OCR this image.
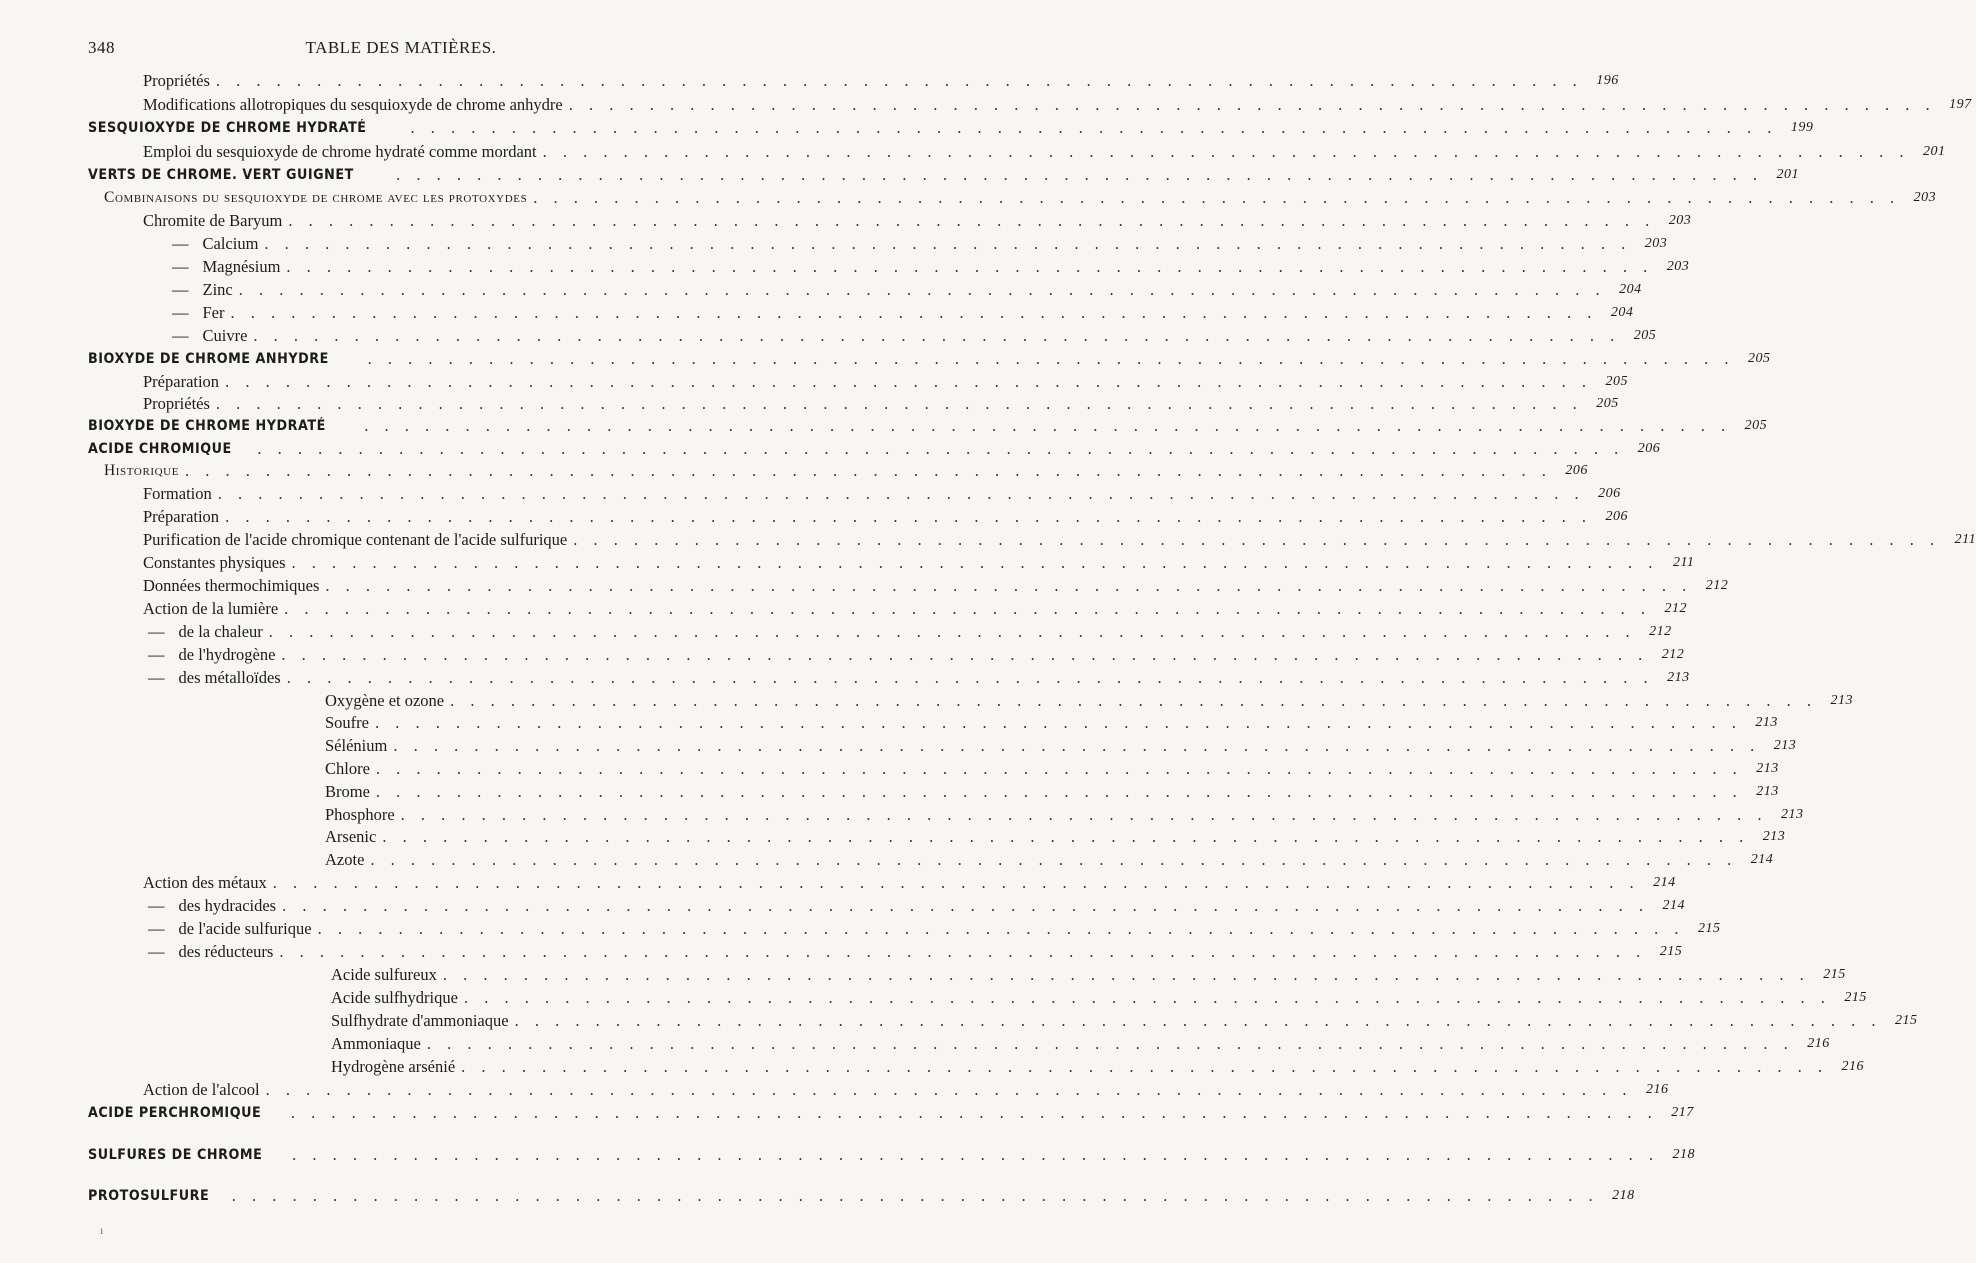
348	TABLE DES MATIÈRES.
Propriétés . . . . . . . . . . . . . . . . . . . . . . . . . . . . . . . . . . . . . . . . . . . . . . . . . . . . . . . . . . . . . . . . . . . . 196
Modifications allotropiques du sesquioxyde de chrome anhydre . . . . . . . . . . . . . . . . . . . . . . . . . . . . . . . . . . . . . . . . . . . . . . . . . . . . . . . . . . . . . . . . . . . . 197
SESQUIOXYDE DE CHROME HYDRATÉ	. . . . . . . . . . . . . . . . . . . . . . . . . . . . . . . . . . . . . . . . . . . . . . . . . . . . . . . . . . . . . . . . . . . . 199
Emploi du sesquioxyde de chrome hydraté comme mordant . . . . . . . . . . . . . . . . . . . . . . . . . . . . . . . . . . . . . . . . . . . . . . . . . . . . . . . . . . . . . . . . . . . . 201
VERTS DE CHROME. VERT GUIGNET	. . . . . . . . . . . . . . . . . . . . . . . . . . . . . . . . . . . . . . . . . . . . . . . . . . . . . . . . . . . . . . . . . . . . 201
Combinaisons du sesquioxyde de chrome avec les protoxydes . . . . . . . . . . . . . . . . . . . . . . . . . . . . . . . . . . . . . . . . . . . . . . . . . . . . . . . . . . . . . . . . . . . . 203
Chromite de Baryum . . . . . . . . . . . . . . . . . . . . . . . . . . . . . . . . . . . . . . . . . . . . . . . . . . . . . . . . . . . . . . . . . . . . 203
— Calcium . . . . . . . . . . . . . . . . . . . . . . . . . . . . . . . . . . . . . . . . . . . . . . . . . . . . . . . . . . . . . . . . . . . . 203
— Magnésium . . . . . . . . . . . . . . . . . . . . . . . . . . . . . . . . . . . . . . . . . . . . . . . . . . . . . . . . . . . . . . . . . . . . 203
— Zinc . . . . . . . . . . . . . . . . . . . . . . . . . . . . . . . . . . . . . . . . . . . . . . . . . . . . . . . . . . . . . . . . . . . . 204
— Fer . . . . . . . . . . . . . . . . . . . . . . . . . . . . . . . . . . . . . . . . . . . . . . . . . . . . . . . . . . . . . . . . . . . . 204
— Cuivre . . . . . . . . . . . . . . . . . . . . . . . . . . . . . . . . . . . . . . . . . . . . . . . . . . . . . . . . . . . . . . . . . . . . 205
BIOXYDE DE CHROME ANHYDRE . . . . . . . . . . . . . . . . . . . . . . . . . . . . . . . . . . . . . . . . . . . . . . . . . . . . . . . . . . . . . . . . . . . . 205
Préparation . . . . . . . . . . . . . . . . . . . . . . . . . . . . . . . . . . . . . . . . . . . . . . . . . . . . . . . . . . . . . . . . . . . . 205
Propriétés . . . . . . . . . . . . . . . . . . . . . . . . . . . . . . . . . . . . . . . . . . . . . . . . . . . . . . . . . . . . . . . . . . . . 205
BIOXYDE DE CHROME HYDRATÉ . . . . . . . . . . . . . . . . . . . . . . . . . . . . . . . . . . . . . . . . . . . . . . . . . . . . . . . . . . . . . . . . . . . . 205
ACIDE CHROMIQUE . . . . . . . . . . . . . . . . . . . . . . . . . . . . . . . . . . . . . . . . . . . . . . . . . . . . . . . . . . . . . . . . . . . . 206
Historique . . . . . . . . . . . . . . . . . . . . . . . . . . . . . . . . . . . . . . . . . . . . . . . . . . . . . . . . . . . . . . . . . . . . 206
Formation . . . . . . . . . . . . . . . . . . . . . . . . . . . . . . . . . . . . . . . . . . . . . . . . . . . . . . . . . . . . . . . . . . . . 206
Préparation . . . . . . . . . . . . . . . . . . . . . . . . . . . . . . . . . . . . . . . . . . . . . . . . . . . . . . . . . . . . . . . . . . . . 206
Purification de l'acide chromique contenant de l'acide sulfurique . . . . . . . . . . . . . . . . . . . . . . . . . . . . . . . . . . . . . . . . . . . . . . . . . . . . . . . . . . . . . . . . . . . .	211
Constantes physiques . . . . . . . . . . . . . . . . . . . . . . . . . . . . . . . . . . . . . . . . . . . . . . . . . . . . . . . . . . . . . . . . . . . .	211
Données thermochimiques . . . . . . . . . . . . . . . . . . . . . . . . . . . . . . . . . . . . . . . . . . . . . . . . . . . . . . . . . . . . . . . . . . . . 212
Action de la lumière . . . . . . . . . . . . . . . . . . . . . . . . . . . . . . . . . . . . . . . . . . . . . . . . . . . . . . . . . . . . . . . . . . . . 212
— de la chaleur . . . . . . . . . . . . . . . . . . . . . . . . . . . . . . . . . . . . . . . . . . . . . . . . . . . . . . . . . . . . . . . . . . . . 212
— de l'hydrogène . . . . . . . . . . . . . . . . . . . . . . . . . . . . . . . . . . . . . . . . . . . . . . . . . . . . . . . . . . . . . . . . . . . . 212
— des métalloïdes . . . . . . . . . . . . . . . . . . . . . . . . . . . . . . . . . . . . . . . . . . . . . . . . . . . . . . . . . . . . . . . . . . . . 213
Oxygène et ozone . . . . . . . . . . . . . . . . . . . . . . . . . . . . . . . . . . . . . . . . . . . . . . . . . . . . . . . . . . . . . . . . . . . . 213
Soufre . . . . . . . . . . . . . . . . . . . . . . . . . . . . . . . . . . . . . . . . . . . . . . . . . . . . . . . . . . . . . . . . . . . . 213
Sélénium . . . . . . . . . . . . . . . . . . . . . . . . . . . . . . . . . . . . . . . . . . . . . . . . . . . . . . . . . . . . . . . . . . . . 213
Chlore . . . . . . . . . . . . . . . . . . . . . . . . . . . . . . . . . . . . . . . . . . . . . . . . . . . . . . . . . . . . . . . . . . . . 213
Brome . . . . . . . . . . . . . . . . . . . . . . . . . . . . . . . . . . . . . . . . . . . . . . . . . . . . . . . . . . . . . . . . . . . . 213
Phosphore . . . . . . . . . . . . . . . . . . . . . . . . . . . . . . . . . . . . . . . . . . . . . . . . . . . . . . . . . . . . . . . . . . . . 213
Arsenic . . . . . . . . . . . . . . . . . . . . . . . . . . . . . . . . . . . . . . . . . . . . . . . . . . . . . . . . . . . . . . . . . . . . 213
Azote . . . . . . . . . . . . . . . . . . . . . . . . . . . . . . . . . . . . . . . . . . . . . . . . . . . . . . . . . . . . . . . . . . . . 214
Action des métaux . . . . . . . . . . . . . . . . . . . . . . . . . . . . . . . . . . . . . . . . . . . . . . . . . . . . . . . . . . . . . . . . . . . . 214
— des hydracides . . . . . . . . . . . . . . . . . . . . . . . . . . . . . . . . . . . . . . . . . . . . . . . . . . . . . . . . . . . . . . . . . . . . 214
— de l'acide sulfurique . . . . . . . . . . . . . . . . . . . . . . . . . . . . . . . . . . . . . . . . . . . . . . . . . . . . . . . . . . . . . . . . . . . . 215
— des réducteurs . . . . . . . . . . . . . . . . . . . . . . . . . . . . . . . . . . . . . . . . . . . . . . . . . . . . . . . . . . . . . . . . . . . . 215
Acide sulfureux . . . . . . . . . . . . . . . . . . . . . . . . . . . . . . . . . . . . . . . . . . . . . . . . . . . . . . . . . . . . . . . . . . . . 215
Acide sulfhydrique . . . . . . . . . . . . . . . . . . . . . . . . . . . . . . . . . . . . . . . . . . . . . . . . . . . . . . . . . . . . . . . . . . . . 215
Sulfhydrate d'ammoniaque . . . . . . . . . . . . . . . . . . . . . . . . . . . . . . . . . . . . . . . . . . . . . . . . . . . . . . . . . . . . . . . . . . . . 215
Ammoniaque . . . . . . . . . . . . . . . . . . . . . . . . . . . . . . . . . . . . . . . . . . . . . . . . . . . . . . . . . . . . . . . . . . . . 216
Hydrogène arsénié . . . . . . . . . . . . . . . . . . . . . . . . . . . . . . . . . . . . . . . . . . . . . . . . . . . . . . . . . . . . . . . . . . . . 216
Action de l'alcool . . . . . . . . . . . . . . . . . . . . . . . . . . . . . . . . . . . . . . . . . . . . . . . . . . . . . . . . . . . . . . . . . . . . 216
ACIDE PERCHROMIQUE . . . . . . . . . . . . . . . . . . . . . . . . . . . . . . . . . . . . . . . . . . . . . . . . . . . . . . . . . . . . . . . . . . . . 217
SULFURES DE CHROME . . . . . . . . . . . . . . . . . . . . . . . . . . . . . . . . . . . . . . . . . . . . . . . . . . . . . . . . . . . . . . . . . . . . 218
PROTOSULFURE . . . . . . . . . . . . . . . . . . . . . . . . . . . . . . . . . . . . . . . . . . . . . . . . . . . . . . . . . . . . . . . . . . . . 218
ı
